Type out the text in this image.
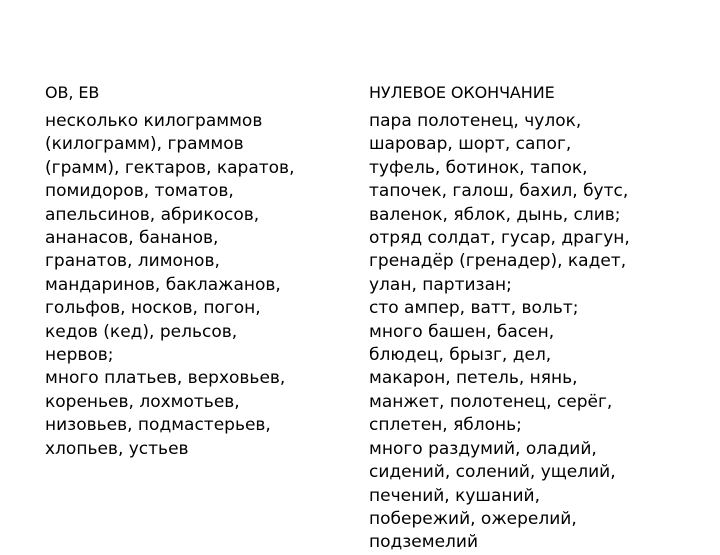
ОВ, ЕВ
несколько килограммов
(килограмм), граммов
(грамм), гектаров, каратов,
помидоров, томатов,
апельсинов, абрикосов,
ананасов, бананов,
гранатов, лимонов,
мандаринов, баклажанов,
гольфов, носков, погон,
кедов (кед), рельсов,
нервов;
много платьев, верховьев,
кореньев, лохмотьев,
низовьев, подмастерьев,
хлопьев, устьев
НУЛЕВОЕ ОКОНЧАНИЕ
пара полотенец, чулок,
шаровар, шорт, сапог,
туфель, ботинок, тапок,
тапочек, галош, бахил, бутс,
валенок, яблок, дынь, слив;
отряд солдат, гусар, драгун,
гренадёр (гренадер), кадет,
улан, партизан;
сто ампер, ватт, вольт;
много башен, басен,
блюдец, брызг, дел,
макарон, петель, нянь,
манжет, полотенец, серёг,
сплетен, яблонь;
много раздумий, оладий,
сидений, солений, ущелий,
печений, кушаний,
побережий, ожерелий,
подземелий
